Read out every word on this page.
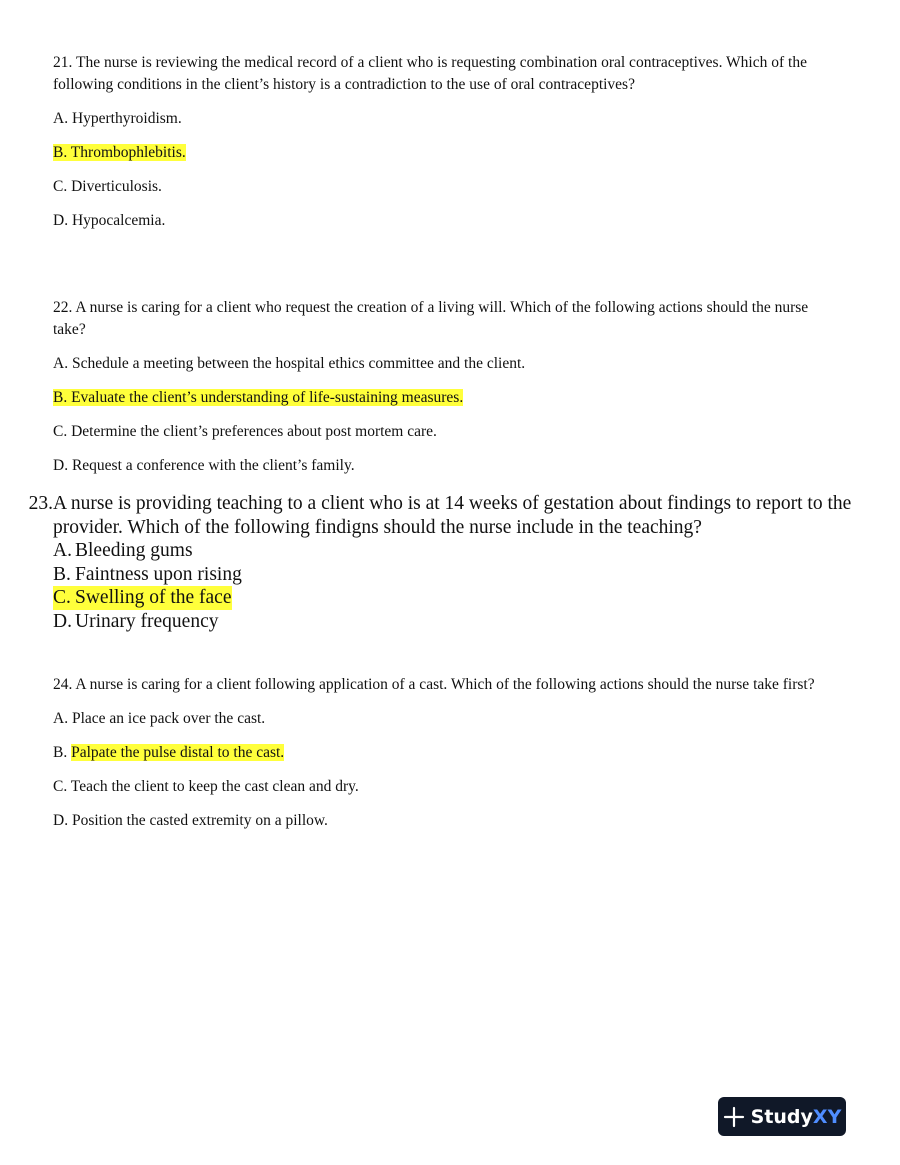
21. The nurse is reviewing the medical record of a client who is requesting combination oral contraceptives. Which of the following conditions in the client’s history is a contradiction to the use of oral contraceptives?

A. Hyperthyroidism.

B. Thrombophlebitis.

C. Diverticulosis.

D. Hypocalcemia.

22. A nurse is caring for a client who request the creation of a living will. Which of the following actions should the nurse take?

A. Schedule a meeting between the hospital ethics committee and the client.

B. Evaluate the client’s understanding of life-sustaining measures.

C. Determine the client’s preferences about post mortem care.

D. Request a conference with the client’s family.

23. A nurse is providing teaching to a client who is at 14 weeks of gestation about findings to report to the provider. Which of the following findigns should the nurse include in the teaching?
A. Bleeding gums
B. Faintness upon rising
C. Swelling of the face
D. Urinary frequency

24. A nurse is caring for a client following application of a cast. Which of the following actions should the nurse take first?

A. Place an ice pack over the cast.

B. Palpate the pulse distal to the cast.

C. Teach the client to keep the cast clean and dry.

D. Position the casted extremity on a pillow.

Study XY
